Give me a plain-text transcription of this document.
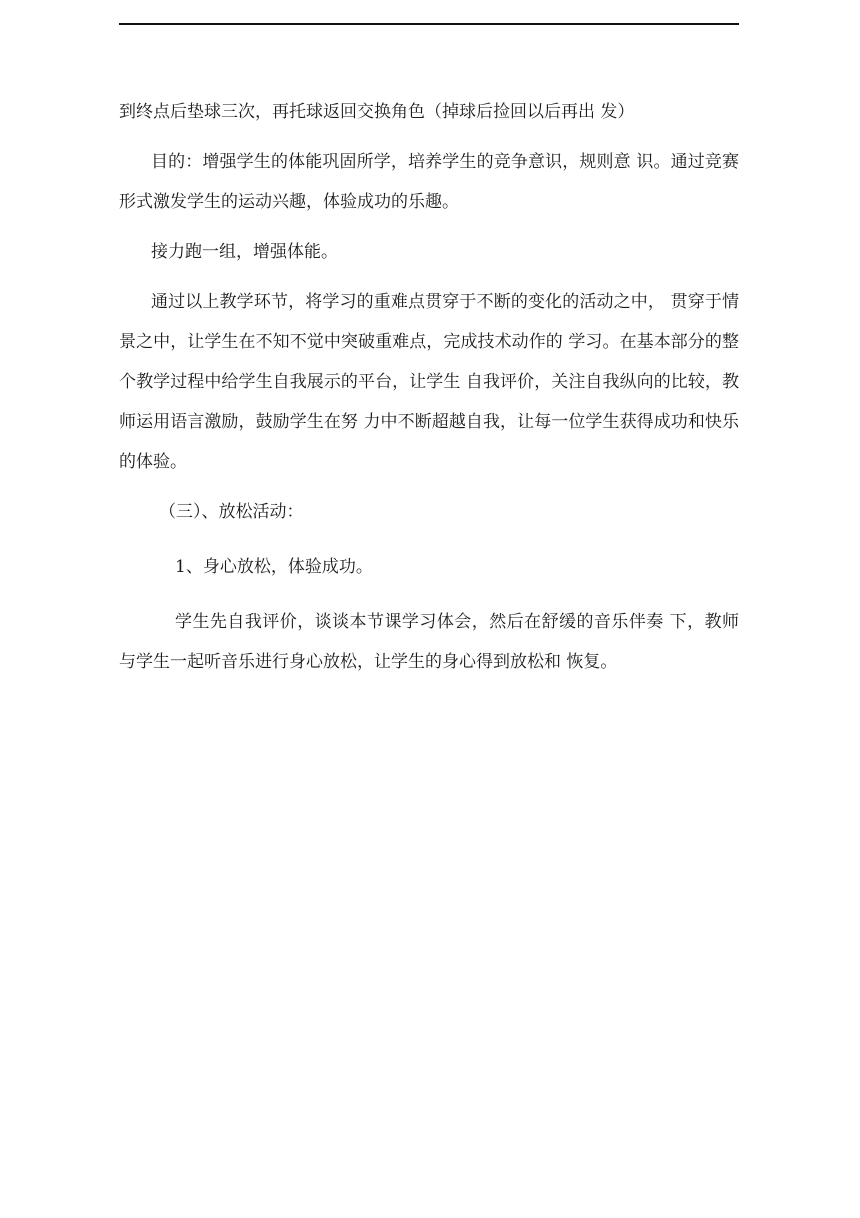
到终点后垫球三次，再托球返回交换角色（掉球后捡回以后再出 发）

目的：增强学生的体能巩固所学，培养学生的竞争意识，规则意 识。通过竞赛形式激发学生的运动兴趣，体验成功的乐趣。

接力跑一组，增强体能。

通过以上教学环节，将学习的重难点贯穿于不断的变化的活动之中， 贯穿于情景之中，让学生在不知不觉中突破重难点，完成技术动作的 学习。在基本部分的整个教学过程中给学生自我展示的平台，让学生 自我评价，关注自我纵向的比较，教师运用语言激励，鼓励学生在努 力中不断超越自我，让每一位学生获得成功和快乐的体验。

（三）、放松活动：

1、身心放松，体验成功。

学生先自我评价，谈谈本节课学习体会，然后在舒缓的音乐伴奏 下，教师与学生一起听音乐进行身心放松，让学生的身心得到放松和 恢复。
